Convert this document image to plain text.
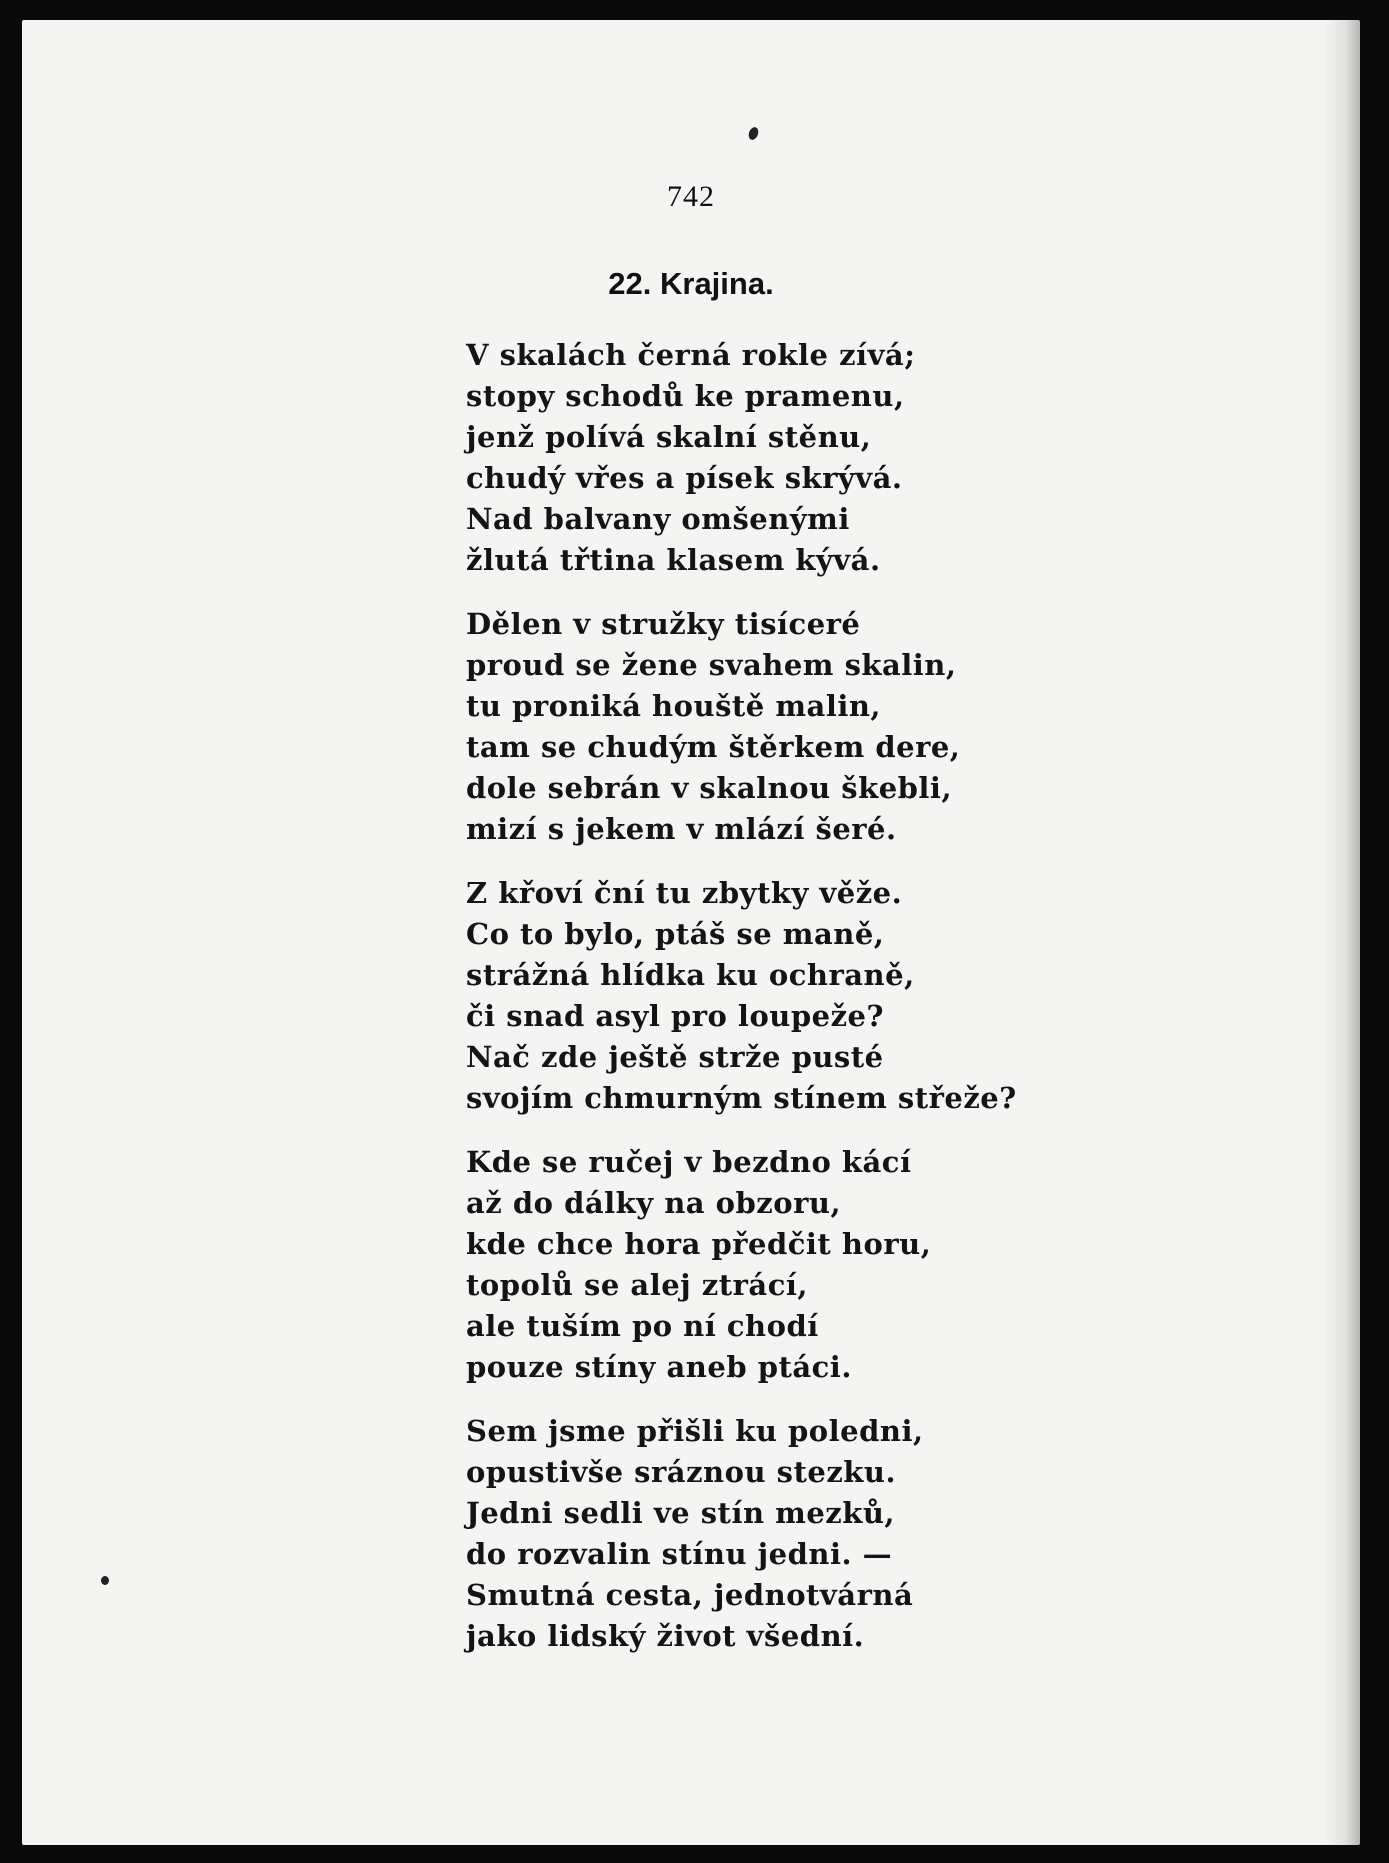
742
22. Krajina.
V skalách černá rokle zívá;
stopy schodů ke pramenu,
jenž polívá skalní stěnu,
chudý vřes a písek skrývá.
Nad balvany omšenými
žlutá třtina klasem kývá.
Dělen v stružky tisíceré
proud se žene svahem skalin,
tu proniká houště malin,
tam se chudým štěrkem dere,
dole sebrán v skalnou škebli,
mizí s jekem v mlází šeré.
Z křoví ční tu zbytky věže.
Co to bylo, ptáš se maně,
strážná hlídka ku ochraně,
či snad asyl pro loupeže?
Nač zde ještě strže pusté
svojím chmurným stínem střeže?
Kde se ručej v bezdno kácí
až do dálky na obzoru,
kde chce hora předčit horu,
topolů se alej ztrácí,
ale tuším po ní chodí
pouze stíny aneb ptáci.
Sem jsme přišli ku poledni,
opustivše sráznou stezku.
Jedni sedli ve stín mezků,
do rozvalin stínu jedni. —
Smutná cesta, jednotvárná
jako lidský život všední.
